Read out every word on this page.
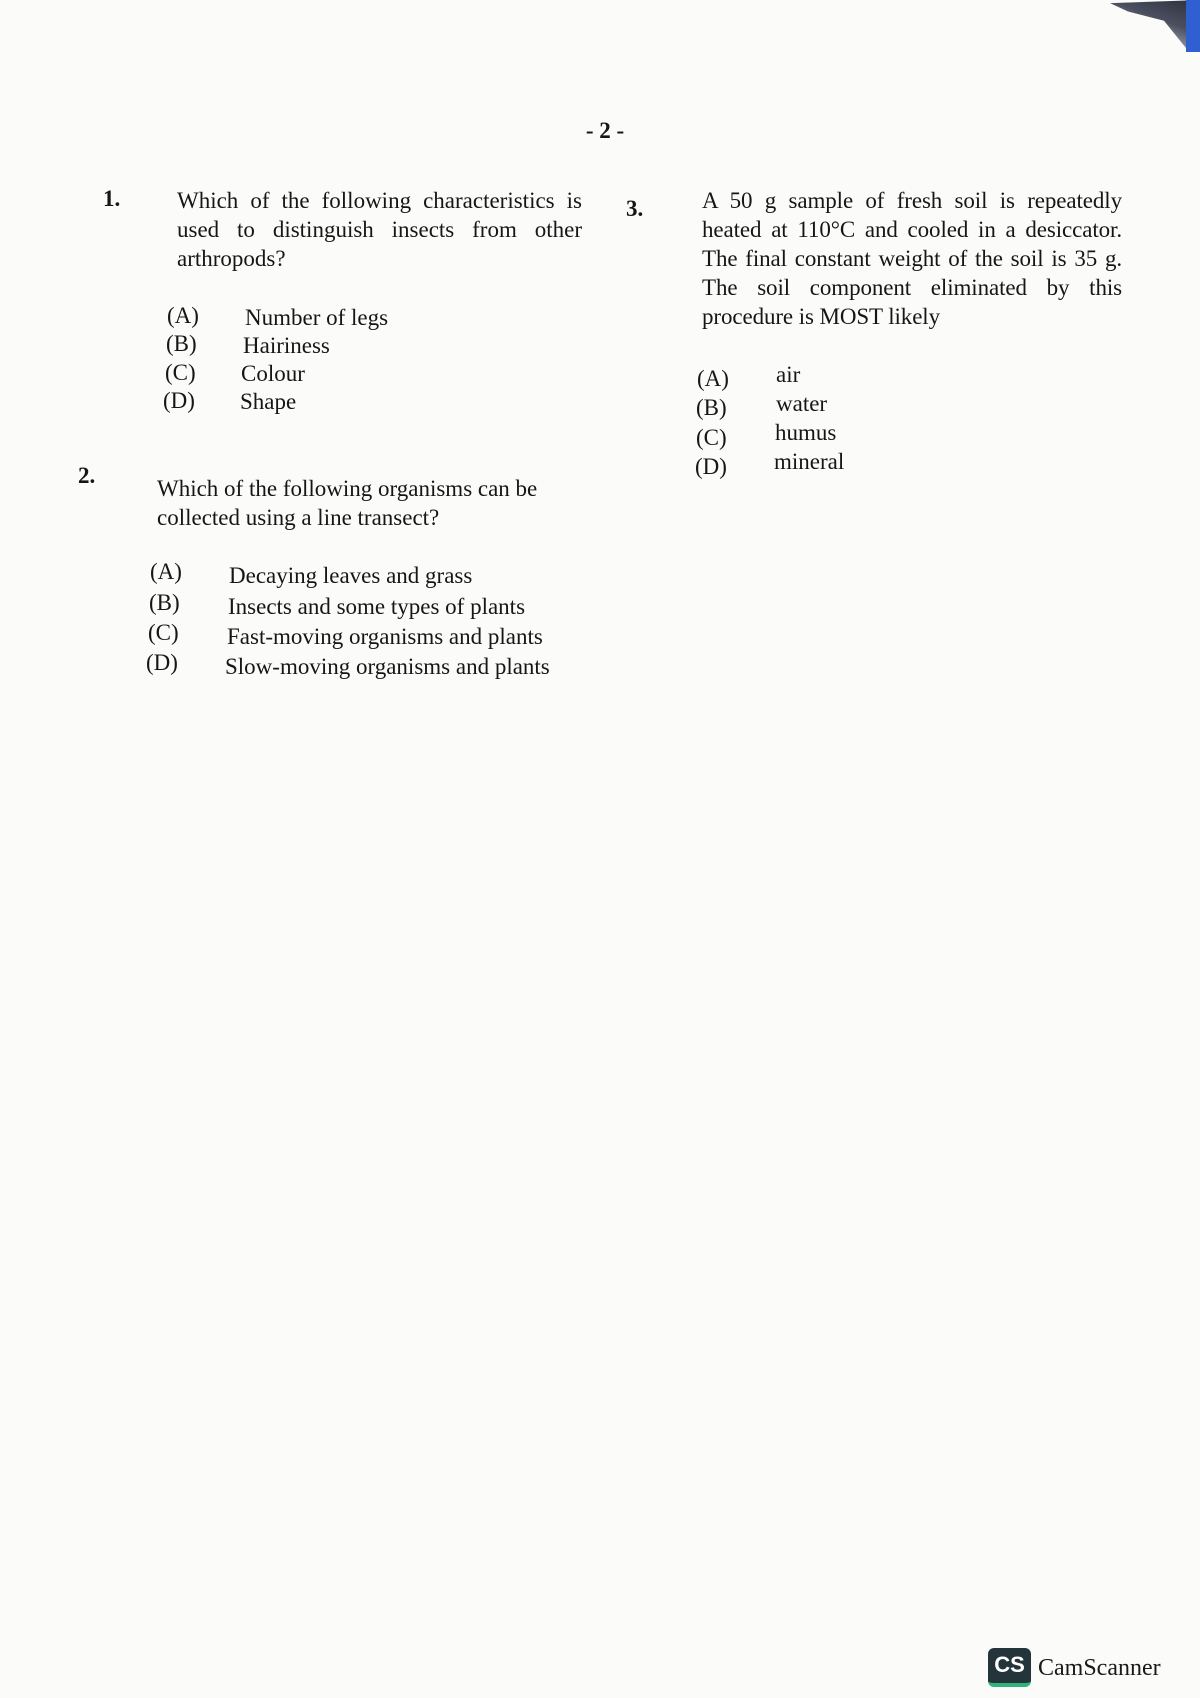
- 2 -
1. Which of the following characteristics is used to distinguish insects from other arthropods?
(A) Number of legs
(B) Hairiness
(C) Colour
(D) Shape
2.
Which of the following organisms can be collected using a line transect?
(A) Decaying leaves and grass
(B) Insects and some types of plants
(C) Fast-moving organisms and plants
(D) Slow-moving organisms and plants
3.	A 50 g sample of fresh soil is repeatedly heated at 110°C and cooled in a desiccator. The final constant weight of the soil is 35 g. The soil component eliminated by this procedure is MOST likely
(A) air
(B) water
(C) humus
(D) mineral
CS CamScanner
